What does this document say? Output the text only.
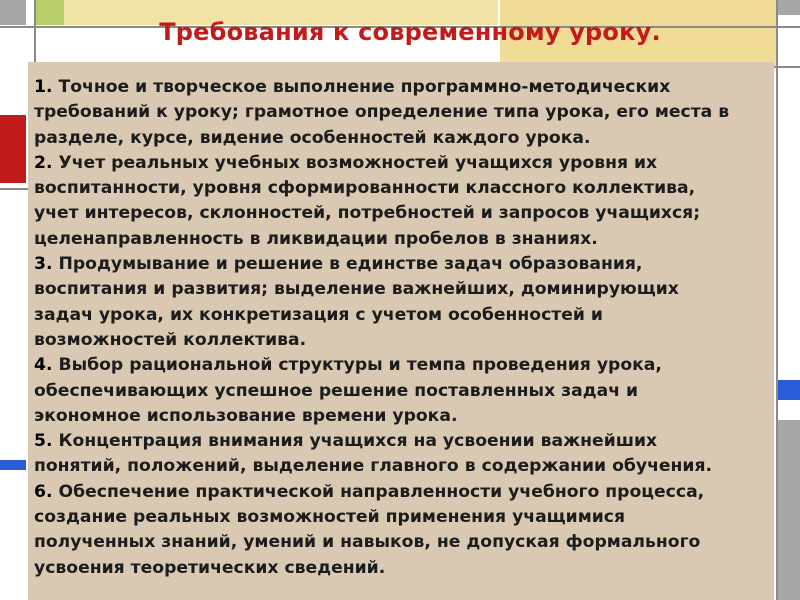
Требования к современному уроку.
1. Точное и творческое выполнение программно-методических
требований к уроку; грамотное определение типа урока, его места в
разделе, курсе, видение особенностей каждого урока.
2. Учет реальных учебных возможностей учащихся уровня их
воспитанности, уровня сформированности классного коллектива,
учет интересов, склонностей, потребностей и запросов учащихся;
целенаправленность в ликвидации пробелов в знаниях.
3. Продумывание и решение в единстве задач образования,
воспитания и развития; выделение важнейших, доминирующих
задач урока, их конкретизация с учетом особенностей и
возможностей коллектива.
4. Выбор рациональной структуры и темпа проведения урока,
обеспечивающих успешное решение поставленных задач и
экономное использование времени урока.
5. Концентрация внимания учащихся на усвоении важнейших
понятий, положений, выделение главного в содержании обучения.
6. Обеспечение практической направленности учебного процесса,
создание реальных возможностей применения учащимися
полученных знаний, умений и навыков, не допуская формального
усвоения теоретических сведений.
